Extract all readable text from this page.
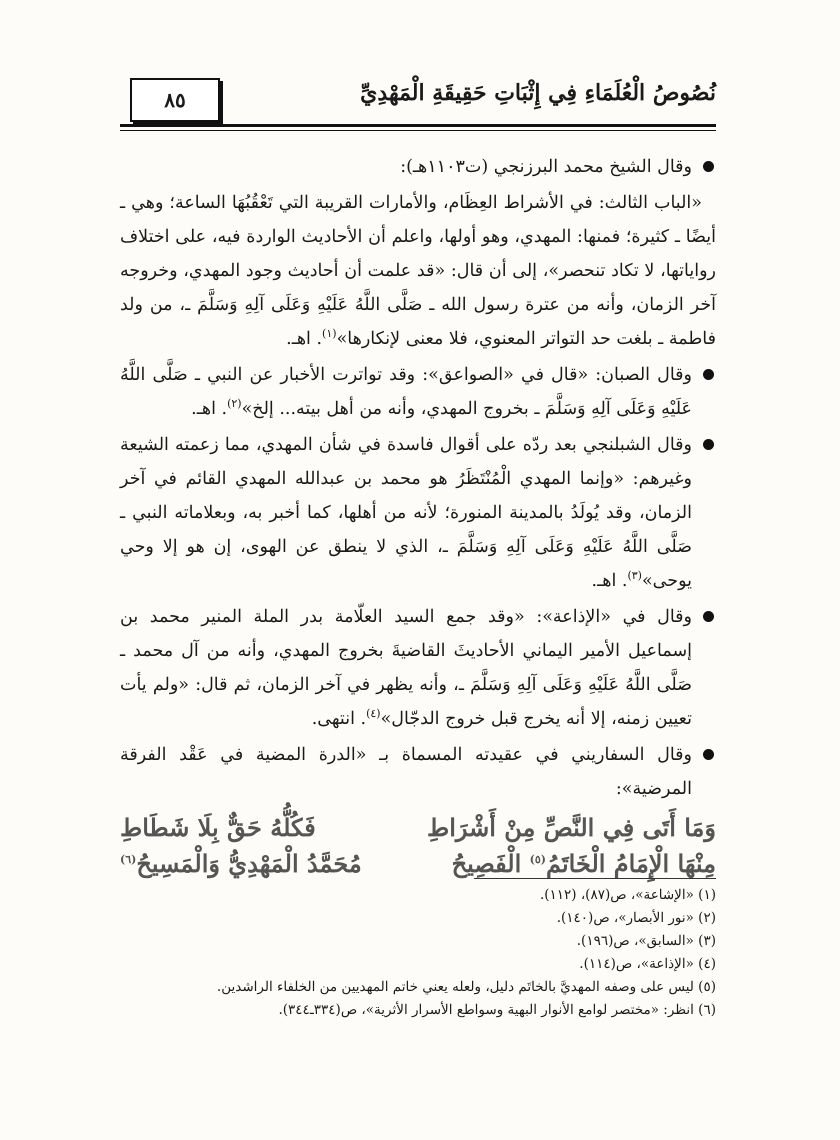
٨٥	نُصُوصُ الْعُلَمَاءِ فِي إِثْبَاتِ حَقِيقَةِ الْمَهْدِيِّ

وقال الشيخ محمد البرزنجي (ت١١٠٣هـ):

«الباب الثالث: في الأشراط العِظَام، والأمارات القريبة التي تَعْقُبُهَا الساعة؛ وهي ـ أيضًا ـ كثيرة؛ فمنها: المهدي، وهو أولها، واعلم أن الأحاديث الواردة فيه، على اختلاف رواياتها، لا تكاد تنحصر»، إلى أن قال: «قد علمت أن أحاديث وجود المهدي، وخروجه آخر الزمان، وأنه من عترة رسول الله ـ صَلَّى اللَّهُ عَلَيْهِ وَعَلَى آلِهِ وَسَلَّمَ ـ، من ولد فاطمة ـ بلغت حد التواتر المعنوي، فلا معنى لإنكارها»$^{(١)}$. اهـ.

وقال الصبان: «قال في «الصواعق»: وقد تواترت الأخبار عن النبي ـ صَلَّى اللَّهُ عَلَيْهِ وَعَلَى آلِهِ وَسَلَّمَ ـ بخروج المهدي، وأنه من أهل بيته... إلخ»$^{(٢)}$. اهـ.

وقال الشبلنجي بعد ردّه على أقوال فاسدة في شأن المهدي، مما زعمته الشيعة وغيرهم: «وإنما المهدي الْمُنْتَظَرُ هو محمد بن عبدالله المهدي القائم في آخر الزمان، وقد يُولَدُ بالمدينة المنورة؛ لأنه من أهلها، كما أخبر به، وبعلاماته النبي ـ صَلَّى اللَّهُ عَلَيْهِ وَعَلَى آلِهِ وَسَلَّمَ ـ، الذي لا ينطق عن الهوى، إن هو إلا وحي يوحى»$^{(٣)}$. اهـ.

وقال في «الإذاعة»: «وقد جمع السيد العلّامة بدر الملة المنير محمد بن إسماعيل الأمير اليماني الأحاديثَ القاضيةَ بخروج المهدي، وأنه من آل محمد ـ صَلَّى اللَّهُ عَلَيْهِ وَعَلَى آلِهِ وَسَلَّمَ ـ، وأنه يظهر في آخر الزمان، ثم قال: «ولم يأت تعيين زمنه، إلا أنه يخرج قبل خروج الدجّال»$^{(٤)}$. انتهى.

وقال السفاريني في عقيدته المسماة بـ «الدرة المضية في عَقْد الفرقة المرضية»:

وَمَا أَتَى فِي النَّصِّ مِنْ أَشْرَاطِ
فَكُلُّهُ حَقٌّ بِلَا شَطَاطِ
مِنْهَا الْإِمَامُ الْخَاتَمُ$^{(٥)}$ الْفَصِيحُ
مُحَمَّدُ الْمَهْدِيُّ وَالْمَسِيحُ$^{(٦)}$
(١) «الإشاعة»، ص(٨٧)، (١١٢).
(٢) «نور الأبصار»، ص(١٤٠).
(٣) «السابق»، ص(١٩٦).
(٤) «الإذاعة»، ص(١١٤).
(٥) ليس على وصفه المهديَّ بالخاتَم دليل، ولعله يعني خاتم المهديين من الخلفاء الراشدين.
(٦) انظر: «مختصر لوامع الأنوار البهية وسواطع الأسرار الأثرية»، ص(٣٣٤ـ٣٤٤).
